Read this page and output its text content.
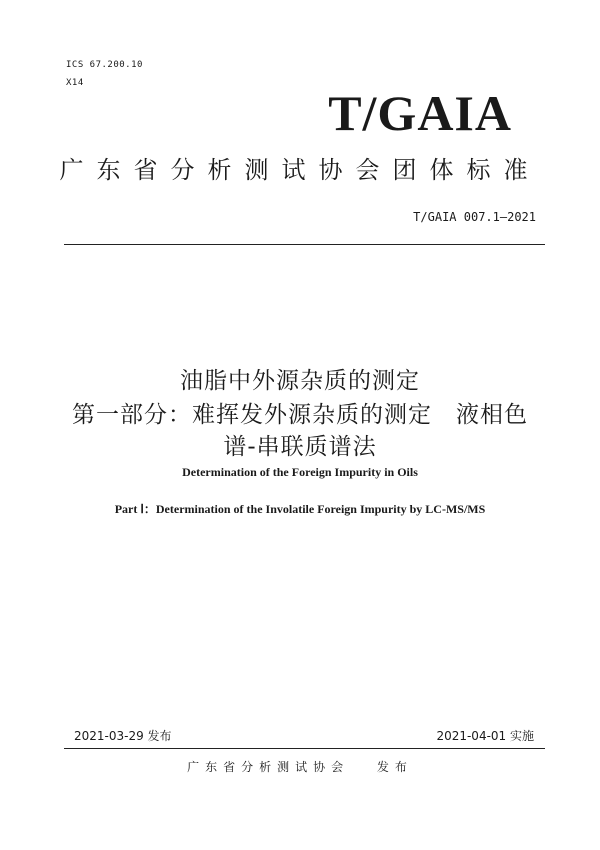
ICS 67.200.10
X14
T/GAIA
广东省分析测试协会团体标准
T/GAIA 007.1—2021
油脂中外源杂质的测定
第一部分：难挥发外源杂质的测定　液相色
谱-串联质谱法
Determination of the Foreign Impurity in Oils
Part Ⅰ：Determination of the Involatile Foreign Impurity by LC-MS/MS
2021-03-29 发布	2021-04-01 实施
广东省分析测试协会　 发布
